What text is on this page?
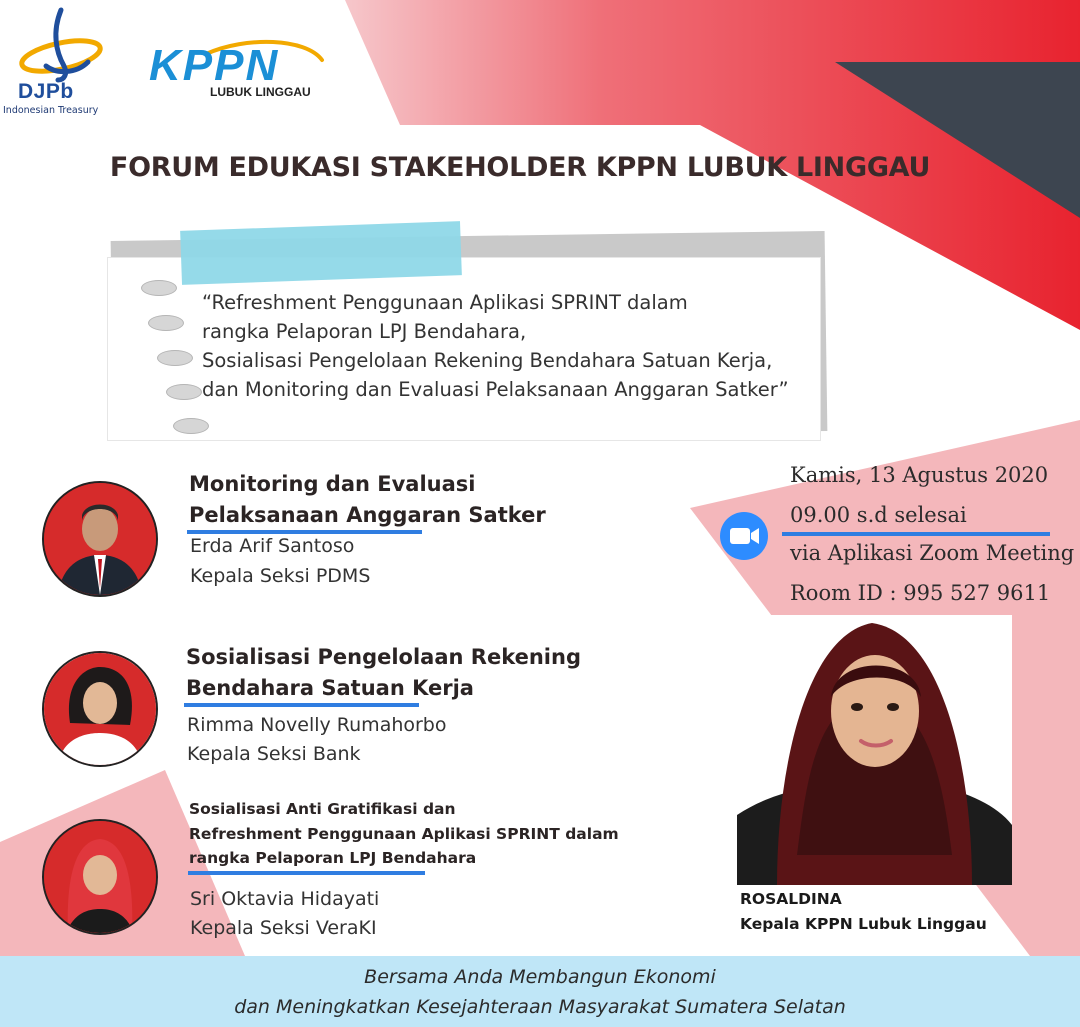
DJPb
Indonesian Treasury
KPPN
LUBUK LINGGAU
FORUM EDUKASI STAKEHOLDER KPPN LUBUK LINGGAU
“Refreshment Penggunaan Aplikasi SPRINT dalam
rangka Pelaporan LPJ Bendahara,
Sosialisasi Pengelolaan Rekening Bendahara Satuan Kerja,
dan Monitoring dan Evaluasi Pelaksanaan Anggaran Satker”
Monitoring dan Evaluasi
Pelaksanaan Anggaran Satker
Erda Arif Santoso
Kepala Seksi PDMS
Sosialisasi Pengelolaan Rekening
Bendahara Satuan Kerja
Rimma Novelly Rumahorbo
Kepala Seksi Bank
Sosialisasi Anti Gratifikasi dan
Refreshment Penggunaan Aplikasi SPRINT dalam
rangka Pelaporan LPJ Bendahara
Sri Oktavia Hidayati
Kepala Seksi VeraKI
Kamis, 13 Agustus 2020
09.00 s.d selesai
via Aplikasi Zoom Meeting
Room ID : 995 527 9611
ROSALDINA
Kepala KPPN Lubuk Linggau
Bersama Anda Membangun Ekonomi
dan Meningkatkan Kesejahteraan Masyarakat Sumatera Selatan
